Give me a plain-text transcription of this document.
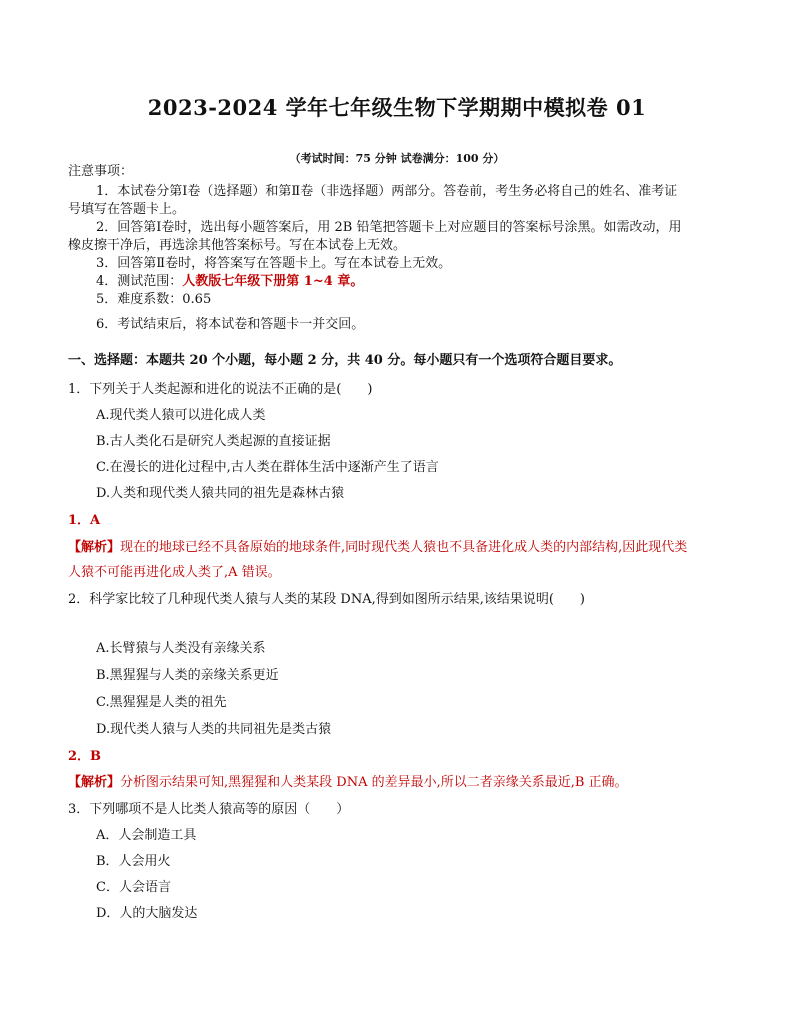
2023-2024 学年七年级生物下学期期中模拟卷 01
（考试时间：75 分钟 试卷满分：100 分）
注意事项：
1．本试卷分第Ⅰ卷（选择题）和第Ⅱ卷（非选择题）两部分。答卷前，考生务必将自己的姓名、准考证
号填写在答题卡上。
2．回答第Ⅰ卷时，选出每小题答案后，用 2B 铅笔把答题卡上对应题目的答案标号涂黑。如需改动，用
橡皮擦干净后，再选涂其他答案标号。写在本试卷上无效。
3．回答第Ⅱ卷时，将答案写在答题卡上。写在本试卷上无效。
4．测试范围：人教版七年级下册第 1~4 章。
5．难度系数：0.65
6．考试结束后，将本试卷和答题卡一并交回。
一、选择题：本题共 20 个小题，每小题 2 分，共 40 分。每小题只有一个选项符合题目要求。
1．下列关于人类起源和进化的说法不正确的是(　　)
A.现代类人猿可以进化成人类
B.古人类化石是研究人类起源的直接证据
C.在漫长的进化过程中,古人类在群体生活中逐渐产生了语言
D.人类和现代类人猿共同的祖先是森林古猿
1．A
【解析】现在的地球已经不具备原始的地球条件,同时现代类人猿也不具备进化成人类的内部结构,因此现代类
人猿不可能再进化成人类了,A 错误。
2．科学家比较了几种现代类人猿与人类的某段 DNA,得到如图所示结果,该结果说明(　　)
A.长臂猿与人类没有亲缘关系
B.黑猩猩与人类的亲缘关系更近
C.黑猩猩是人类的祖先
D.现代类人猿与人类的共同祖先是类古猿
2．B
【解析】分析图示结果可知,黑猩猩和人类某段 DNA 的差异最小,所以二者亲缘关系最近,B 正确。
3．下列哪项不是人比类人猿高等的原因（　　）
A．人会制造工具
B．人会用火
C．人会语言
D．人的大脑发达
